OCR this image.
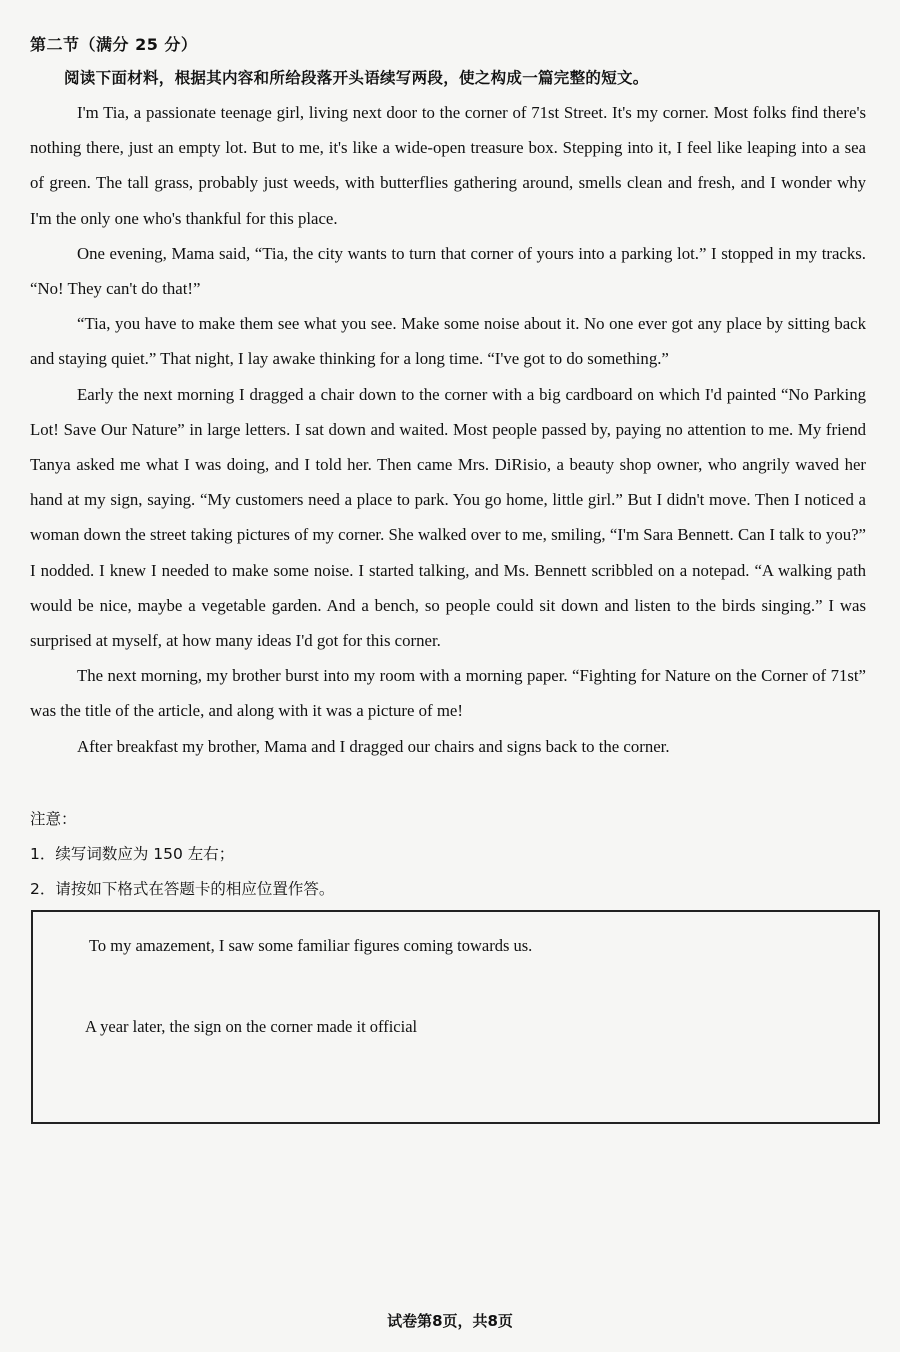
第二节（满分 25 分）
阅读下面材料，根据其内容和所给段落开头语续写两段，使之构成一篇完整的短文。

I'm Tia, a passionate teenage girl, living next door to the corner of 71st Street. It's my corner. Most folks find there's nothing there, just an empty lot. But to me, it's like a wide-open treasure box. Stepping into it, I feel like leaping into a sea of green. The tall grass, probably just weeds, with butterflies gathering around, smells clean and fresh, and I wonder why I'm the only one who's thankful for this place.

One evening, Mama said, “Tia, the city wants to turn that corner of yours into a parking lot.” I stopped in my tracks. “No! They can't do that!”

“Tia, you have to make them see what you see. Make some noise about it. No one ever got any place by sitting back and staying quiet.” That night, I lay awake thinking for a long time. “I've got to do something.”

Early the next morning I dragged a chair down to the corner with a big cardboard on which I'd painted “No Parking Lot! Save Our Nature” in large letters. I sat down and waited. Most people passed by, paying no attention to me. My friend Tanya asked me what I was doing, and I told her. Then came Mrs. DiRisio, a beauty shop owner, who angrily waved her hand at my sign, saying. “My customers need a place to park. You go home, little girl.” But I didn't move. Then I noticed a woman down the street taking pictures of my corner. She walked over to me, smiling, “I'm Sara Bennett. Can I talk to you?” I nodded. I knew I needed to make some noise. I started talking, and Ms. Bennett scribbled on a notepad. “A walking path would be nice, maybe a vegetable garden. And a bench, so people could sit down and listen to the birds singing.” I was surprised at myself, at how many ideas I'd got for this corner.

The next morning, my brother burst into my room with a morning paper. “Fighting for Nature on the Corner of 71st” was the title of the article, and along with it was a picture of me!

After breakfast my brother, Mama and I dragged our chairs and signs back to the corner.

注意：
1．续写词数应为 150 左右；
2．请按如下格式在答题卡的相应位置作答。
To my amazement, I saw some familiar figures coming towards us.
A year later, the sign on the corner made it official
试卷第8页，共8页
